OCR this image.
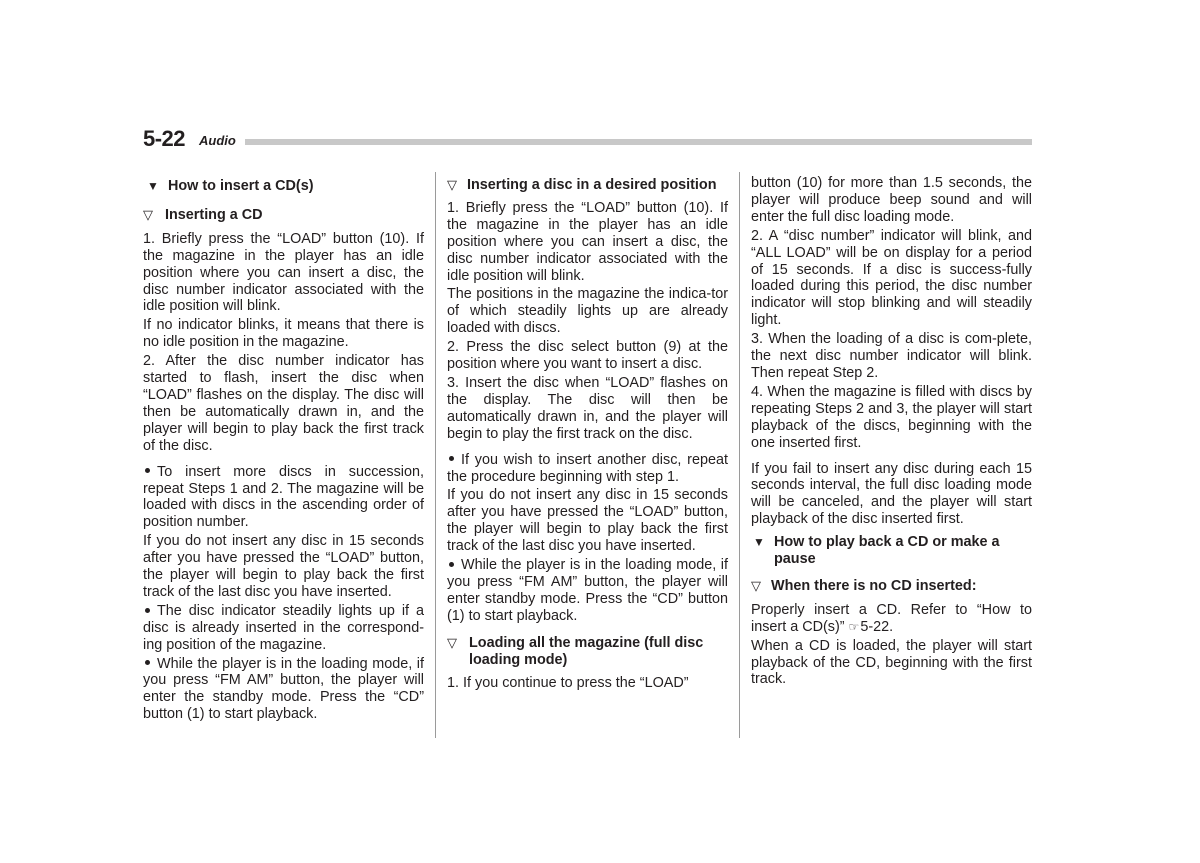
5-22 Audio
▼ How to insert a CD(s)
▽ Inserting a CD

1. Briefly press the “LOAD” button (10). If the magazine in the player has an idle position where you can insert a disc, the disc number indicator associated with the idle position will blink.

If no indicator blinks, it means that there is no idle position in the magazine.

2. After the disc number indicator has started to flash, insert the disc when “LOAD” flashes on the display. The disc will then be automatically drawn in, and the player will begin to play back the first track of the disc.

To insert more discs in succession, repeat Steps 1 and 2. The magazine will be loaded with discs in the ascending order of position number.

If you do not insert any disc in 15 seconds after you have pressed the “LOAD” button, the player will begin to play back the first track of the last disc you have inserted.

The disc indicator steadily lights up if a disc is already inserted in the correspond-ing position of the magazine.

While the player is in the loading mode, if you press “FM AM” button, the player will enter the standby mode. Press the “CD” button (1) to start playback.

▽ Inserting a disc in a desired position

1. Briefly press the “LOAD” button (10). If the magazine in the player has an idle position where you can insert a disc, the disc number indicator associated with the idle position will blink.

The positions in the magazine the indica-tor of which steadily lights up are already loaded with discs.

2. Press the disc select button (9) at the position where you want to insert a disc.

3. Insert the disc when “LOAD” flashes on the display. The disc will then be automatically drawn in, and the player will begin to play the first track on the disc.

If you wish to insert another disc, repeat the procedure beginning with step 1.

If you do not insert any disc in 15 seconds after you have pressed the “LOAD” button, the player will begin to play back the first track of the last disc you have inserted.

While the player is in the loading mode, if you press “FM AM” button, the player will enter standby mode. Press the “CD” button (1) to start playback.

▽ Loading all the magazine (full disc loading mode)

1. If you continue to press the “LOAD”

button (10) for more than 1.5 seconds, the player will produce beep sound and will enter the full disc loading mode.

2. A “disc number” indicator will blink, and “ALL LOAD” will be on display for a period of 15 seconds. If a disc is success-fully loaded during this period, the disc number indicator will stop blinking and will steadily light.

3. When the loading of a disc is com-plete, the next disc number indicator will blink. Then repeat Step 2.

4. When the magazine is filled with discs by repeating Steps 2 and 3, the player will start playback of the discs, beginning with the one inserted first.

If you fail to insert any disc during each 15 seconds interval, the full disc loading mode will be canceled, and the player will start playback of the disc inserted first.

▼ How to play back a CD or make a pause
▽ When there is no CD inserted:

Properly insert a CD. Refer to “How to insert a CD(s)” ☞5-22.

When a CD is loaded, the player will start playback of the CD, beginning with the first track.
